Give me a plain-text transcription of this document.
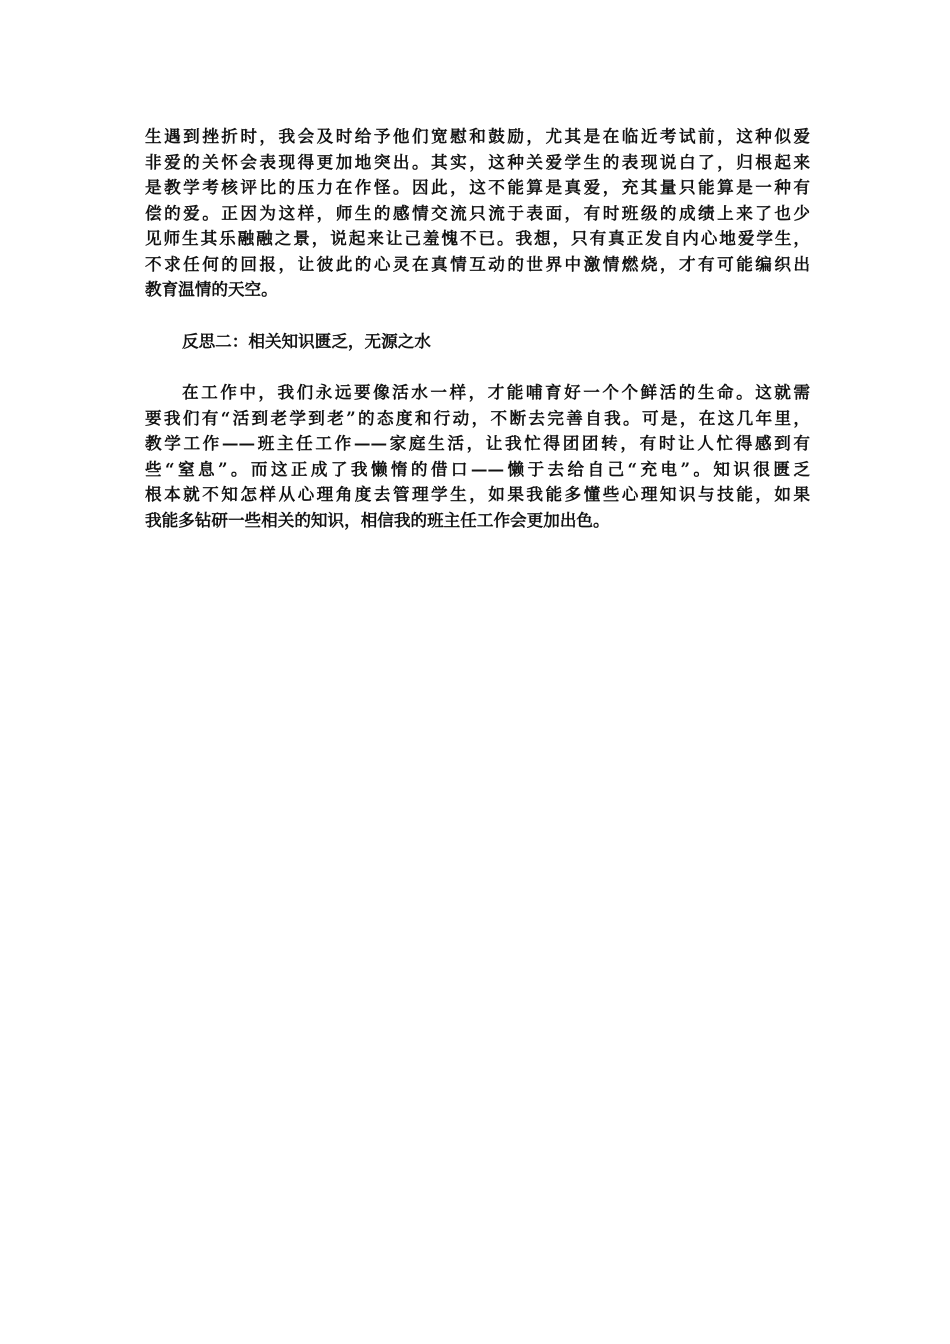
生遇到挫折时，我会及时给予他们宽慰和鼓励，尤其是在临近考试前，这种似爱
非爱的关怀会表现得更加地突出。其实，这种关爱学生的表现说白了，归根起来
是教学考核评比的压力在作怪。因此，这不能算是真爱，充其量只能算是一种有
偿的爱。正因为这样，师生的感情交流只流于表面，有时班级的成绩上来了也少
见师生其乐融融之景，说起来让己羞愧不已。我想，只有真正发自内心地爱学生，
不求任何的回报，让彼此的心灵在真情互动的世界中激情燃烧，才有可能编织出
教育温情的天空。

反思二：相关知识匮乏，无源之水

在工作中，我们永远要像活水一样，才能哺育好一个个鲜活的生命。这就需
要我们有“活到老学到老”的态度和行动，不断去完善自我。可是，在这几年里，
教学工作——班主任工作——家庭生活，让我忙得团团转，有时让人忙得感到有
些“窒息”。而这正成了我懒惰的借口——懒于去给自己“充电”。知识很匮乏
根本就不知怎样从心理角度去管理学生，如果我能多懂些心理知识与技能，如果
我能多钻研一些相关的知识，相信我的班主任工作会更加出色。
